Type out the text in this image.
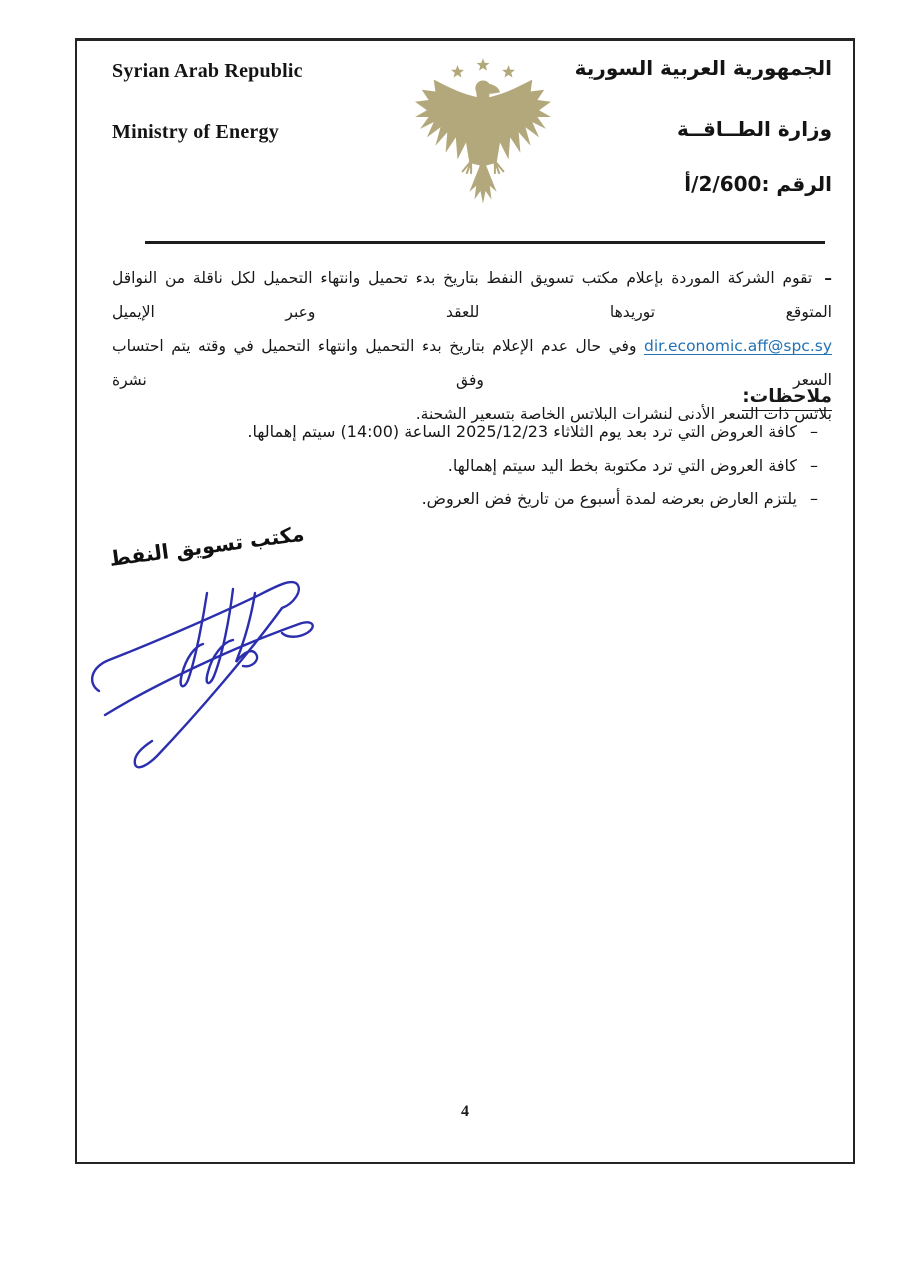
Syrian Arab Republic
Ministry of Energy
الجمهورية العربية السورية
وزارة الطــاقــة
الرقم :600‏/2‏/أ
–تقوم الشركة الموردة بإعلام مكتب تسويق النفط بتاريخ بدء تحميل وانتهاء التحميل لكل ناقلة من النواقل المتوقع توريدها للعقد وعبر الإيميل
dir.economic.aff@spc.sy وفي حال عدم الإعلام بتاريخ بدء التحميل وانتهاء التحميل في وقته يتم احتساب السعر وفق نشرة
بلاتس ذات السعر الأدنى لنشرات البلاتس الخاصة بتسعير الشحنة.
ملاحظات:
–كافة العروض التي ترد بعد يوم الثلاثاء 2025/12/23 الساعة (14:00) سيتم إهمالها.
–كافة العروض التي ترد مكتوبة بخط اليد سيتم إهمالها.
–يلتزم العارض بعرضه لمدة أسبوع من تاريخ فض العروض.
مكتب تسويق النفط
4
